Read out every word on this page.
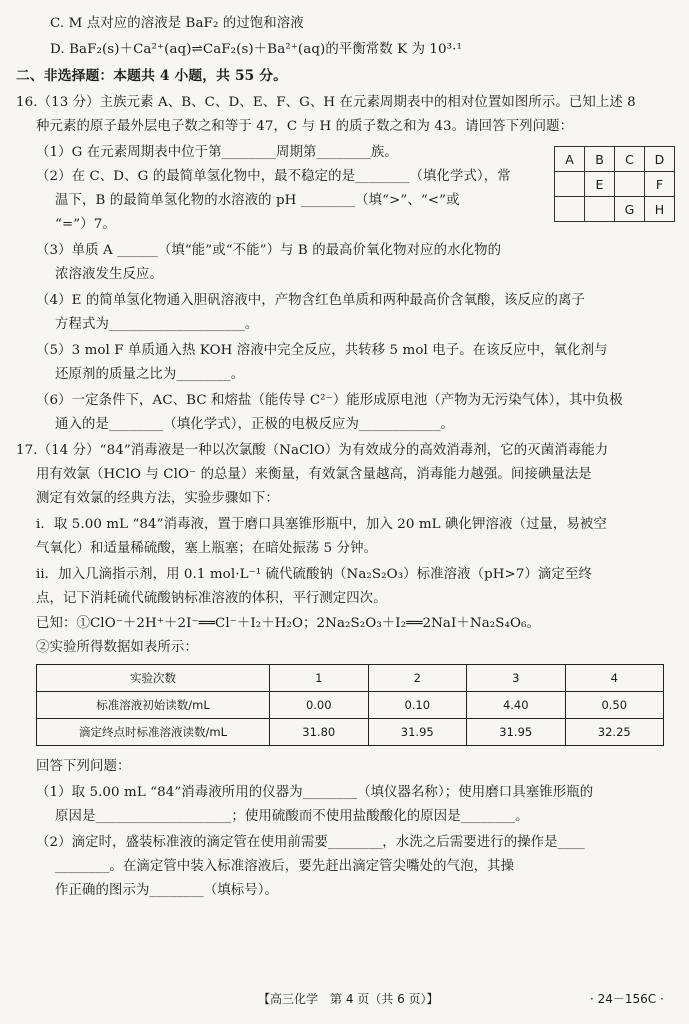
C. M 点对应的溶液是 BaF₂ 的过饱和溶液
D. BaF₂(s)＋Ca²⁺(aq)⇌CaF₂(s)＋Ba²⁺(aq)的平衡常数 K 为 10³·¹
二、非选择题：本题共 4 小题，共 55 分。
16.（13 分）主族元素 A、B、C、D、E、F、G、H 在元素周期表中的相对位置如图所示。已知上述 8
种元素的原子最外层电子数之和等于 47，C 与 H 的质子数之和为 43。请回答下列问题：
（1）G 在元素周期表中位于第________周期第________族。
（2）在 C、D、G 的最简单氢化物中，最不稳定的是________（填化学式），常
温下，B 的最简单氢化物的水溶液的 pH ________（填“>”、“<”或
“=”）7。
A	B	C	D
	E		F
		G	H
（3）单质 A ______（填“能”或“不能”）与 B 的最高价氧化物对应的水化物的
浓溶液发生反应。
（4）E 的简单氢化物通入胆矾溶液中，产物含红色单质和两种最高价含氧酸，该反应的离子
方程式为____________________。
（5）3 mol F 单质通入热 KOH 溶液中完全反应，共转移 5 mol 电子。在该反应中，氧化剂与
还原剂的质量之比为________。
（6）一定条件下，AC、BC 和熔盐（能传导 C²⁻）能形成原电池（产物为无污染气体），其中负极
通入的是________（填化学式），正极的电极反应为____________。
17.（14 分）“84”消毒液是一种以次氯酸（NaClO）为有效成分的高效消毒剂，它的灭菌消毒能力
用有效氯（HClO 与 ClO⁻ 的总量）来衡量，有效氯含量越高，消毒能力越强。间接碘量法是
测定有效氯的经典方法，实验步骤如下：
ⅰ．取 5.00 mL “84”消毒液，置于磨口具塞锥形瓶中，加入 20 mL 碘化钾溶液（过量，易被空
气氧化）和适量稀硫酸，塞上瓶塞；在暗处振荡 5 分钟。
ⅱ．加入几滴指示剂，用 0.1 mol·L⁻¹ 硫代硫酸钠（Na₂S₂O₃）标准溶液（pH>7）滴定至终
点，记下消耗硫代硫酸钠标准溶液的体积，平行测定四次。
已知：①ClO⁻＋2H⁺＋2I⁻══Cl⁻＋I₂＋H₂O；2Na₂S₂O₃＋I₂══2NaI＋Na₂S₄O₆。
②实验所得数据如表所示：
实验次数	1	2	3	4
标准溶液初始读数/mL	0.00	0.10	4.40	0.50
滴定终点时标准溶液读数/mL	31.80	31.95	31.95	32.25
回答下列问题：
（1）取 5.00 mL “84”消毒液所用的仪器为________（填仪器名称）；使用磨口具塞锥形瓶的
原因是____________________；使用硫酸而不使用盐酸酸化的原因是________。
（2）滴定时，盛装标准液的滴定管在使用前需要________，水洗之后需要进行的操作是____
________。在滴定管中装入标准溶液后，要先赶出滴定管尖嘴处的气泡，其操
作正确的图示为________（填标号）。
【高三化学　第 4 页（共 6 页）】	· 24－156C ·
